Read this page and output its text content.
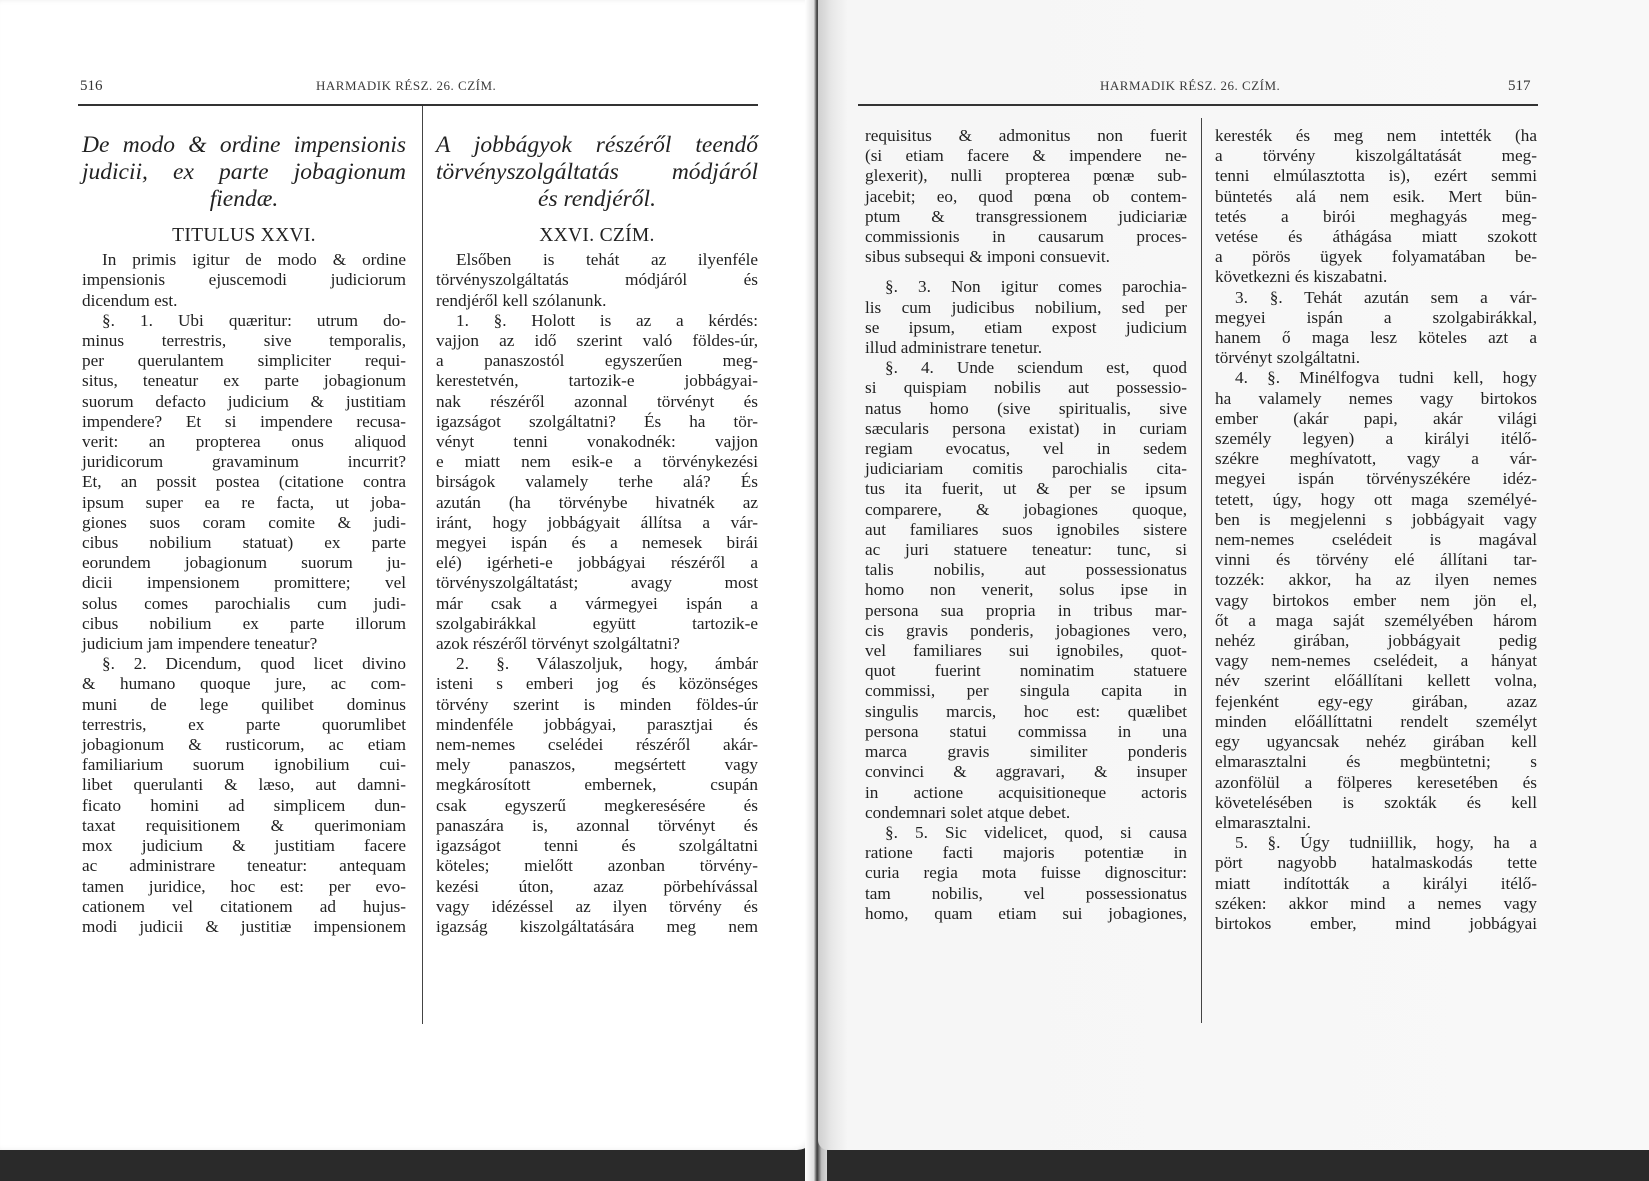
516	HARMADIK RÉSZ. 26. CZÍM.

De modo & ordine impensionis

judicii, ex parte jobagionum

fiendæ.

TITULUS XXVI.

In primis igitur de modo & ordine

impensionis ejuscemodi judiciorum

dicendum est.

§. 1. Ubi quæritur: utrum do-

minus terrestris, sive temporalis,

per querulantem simpliciter requi-

situs, teneatur ex parte jobagionum

suorum defacto judicium & justitiam

impendere? Et si impendere recusa-

verit: an propterea onus aliquod

juridicorum gravaminum incurrit?

Et, an possit postea (citatione contra

ipsum super ea re facta, ut joba-

giones suos coram comite & judi-

cibus nobilium statuat) ex parte

eorundem jobagionum suorum ju-

dicii impensionem promittere; vel

solus comes parochialis cum judi-

cibus nobilium ex parte illorum

judicium jam impendere teneatur?

§. 2. Dicendum, quod licet divino

& humano quoque jure, ac com-

muni de lege quilibet dominus

terrestris, ex parte quorumlibet

jobagionum & rusticorum, ac etiam

familiarium suorum ignobilium cui-

libet querulanti & læso, aut damni-

ficato homini ad simplicem dun-

taxat requisitionem & querimoniam

mox judicium & justitiam facere

ac administrare teneatur: antequam

tamen juridice, hoc est: per evo-

cationem vel citationem ad hujus-

modi judicii & justitiæ impensionem

A jobbágyok részéről teendő

törvényszolgáltatás módjáról

és rendjéről.

XXVI. CZÍM.

Elsőben is tehát az ilyenféle

törvényszolgáltatás módjáról és

rendjéről kell szólanunk.

1. §. Holott is az a kérdés:

vajjon az idő szerint való földes-úr,

a panaszostól egyszerűen meg-

kerestetvén, tartozik-e jobbágyai-

nak részéről azonnal törvényt és

igazságot szolgáltatni? És ha tör-

vényt tenni vonakodnék: vajjon

e miatt nem esik-e a törvénykezési

birságok valamely terhe alá? És

azután (ha törvénybe hivatnék az

iránt, hogy jobbágyait állítsa a vár-

megyei ispán és a nemesek birái

elé) igérheti-e jobbágyai részéről a

törvényszolgáltatást; avagy most

már csak a vármegyei ispán a

szolgabirákkal együtt tartozik-e

azok részéről törvényt szolgáltatni?

2. §. Válaszoljuk, hogy, ámbár

isteni s emberi jog és közönséges

törvény szerint is minden földes-úr

mindenféle jobbágyai, parasztjai és

nem-nemes cselédei részéről akár-

mely panaszos, megsértett vagy

megkárosított embernek, csupán

csak egyszerű megkeresésére és

panaszára is, azonnal törvényt és

igazságot tenni és szolgáltatni

köteles; mielőtt azonban törvény-

kezési úton, azaz pörbehívással

vagy idézéssel az ilyen törvény és

igazság kiszolgáltatására meg nem

HARMADIK RÉSZ. 26. CZÍM.	517

requisitus & admonitus non fuerit

(si etiam facere & impendere ne-

glexerit), nulli propterea pœnæ sub-

jacebit; eo, quod pœna ob contem-

ptum & transgressionem judiciariæ

commissionis in causarum proces-

sibus subsequi & imponi consuevit.

§. 3. Non igitur comes parochia-

lis cum judicibus nobilium, sed per

se ipsum, etiam expost judicium

illud administrare tenetur.

§. 4. Unde sciendum est, quod

si quispiam nobilis aut possessio-

natus homo (sive spiritualis, sive

sæcularis persona existat) in curiam

regiam evocatus, vel in sedem

judiciariam comitis parochialis cita-

tus ita fuerit, ut & per se ipsum

comparere, & jobagiones quoque,

aut familiares suos ignobiles sistere

ac juri statuere teneatur: tunc, si

talis nobilis, aut possessionatus

homo non venerit, solus ipse in

persona sua propria in tribus mar-

cis gravis ponderis, jobagiones vero,

vel familiares sui ignobiles, quot-

quot fuerint nominatim statuere

commissi, per singula capita in

singulis marcis, hoc est: quælibet

persona statui commissa in una

marca gravis similiter ponderis

convinci & aggravari, & insuper

in actione acquisitioneque actoris

condemnari solet atque debet.

§. 5. Sic videlicet, quod, si causa

ratione facti majoris potentiæ in

curia regia mota fuisse dignoscitur:

tam nobilis, vel possessionatus

homo, quam etiam sui jobagiones,

keresték és meg nem intették (ha

a törvény kiszolgáltatását meg-

tenni elmúlasztotta is), ezért semmi

büntetés alá nem esik. Mert bün-

tetés a birói meghagyás meg-

vetése és áthágása miatt szokott

a pörös ügyek folyamatában be-

következni és kiszabatni.

3. §. Tehát azután sem a vár-

megyei ispán a szolgabirákkal,

hanem ő maga lesz köteles azt a

törvényt szolgáltatni.

4. §. Minélfogva tudni kell, hogy

ha valamely nemes vagy birtokos

ember (akár papi, akár világi

személy legyen) a királyi itélő-

székre meghívatott, vagy a vár-

megyei ispán törvényszékére idéz-

tetett, úgy, hogy ott maga személyé-

ben is megjelenni s jobbágyait vagy

nem-nemes cselédeit is magával

vinni és törvény elé állítani tar-

tozzék: akkor, ha az ilyen nemes

vagy birtokos ember nem jön el,

őt a maga saját személyében három

nehéz girában, jobbágyait pedig

vagy nem-nemes cselédeit, a hányat

név szerint előállítani kellett volna,

fejenként egy-egy girában, azaz

minden előállíttatni rendelt személyt

egy ugyancsak nehéz girában kell

elmarasztalni és megbüntetni; s

azonfölül a fölperes keresetében és

követelésében is szokták és kell

elmarasztalni.

5. §. Úgy tudniillik, hogy, ha a

pört nagyobb hatalmaskodás tette

miatt indították a királyi itélő-

széken: akkor mind a nemes vagy

birtokos ember, mind jobbágyai
